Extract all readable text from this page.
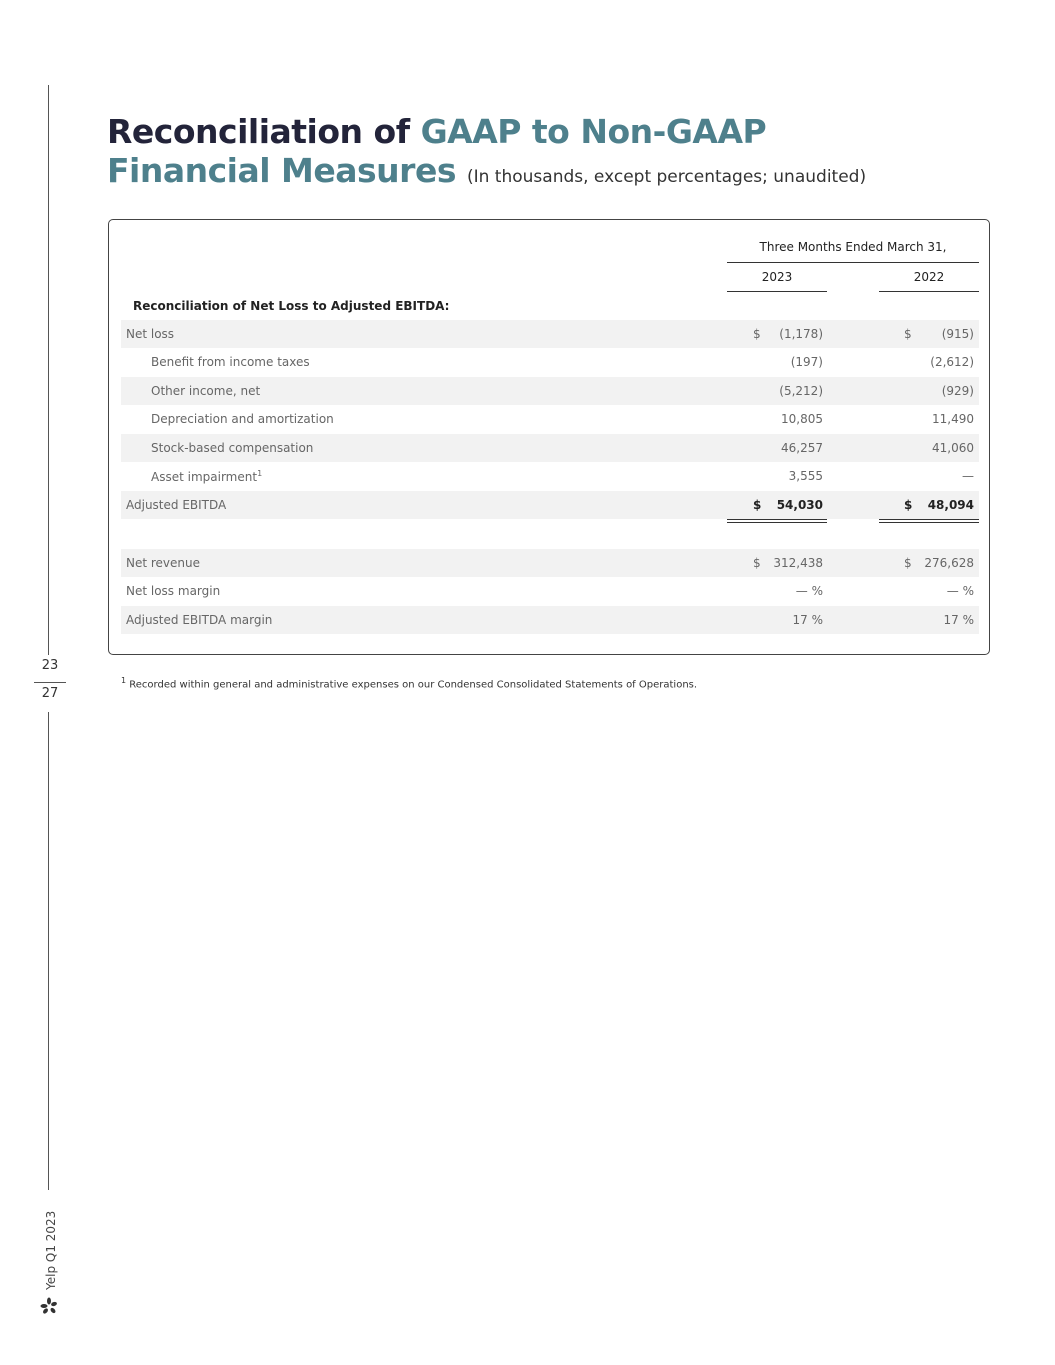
23
27
Yelp Q1 2023
Reconciliation of GAAP to Non-GAAP
Financial Measures (In thousands, except percentages; unaudited)
Three Months Ended March 31,
2023	2022
Reconciliation of Net Loss to Adjusted EBITDA:
Net loss	$	(1,178)	$	(915)
Benefit from income taxes	(197)	(2,612)
Other income, net	(5,212)	(929)
Depreciation and amortization	10,805	11,490
Stock-based compensation	46,257	41,060
Asset impairment$^1$	3,555	—
Adjusted EBITDA	$	54,030	$	48,094
Net revenue	$	312,438	$	276,628
Net loss margin	— %	— %
Adjusted EBITDA margin	17 %	17 %
$^1$ Recorded within general and administrative expenses on our Condensed Consolidated Statements of Operations.
